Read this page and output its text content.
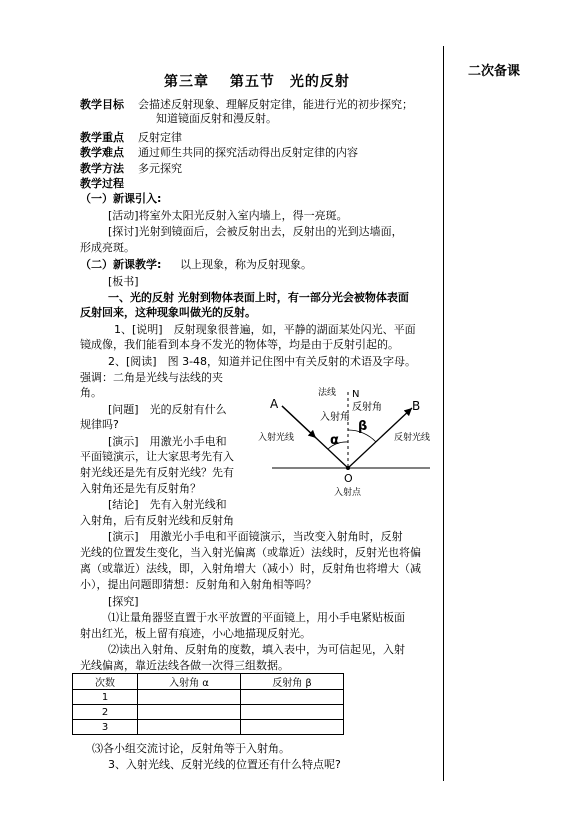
二次备课
第三章　 第五节　光的反射
教学目标 会描述反射现象、理解反射定律，能进行光的初步探究；
知道镜面反射和漫反射。
教学重点 反射定律
教学难点 通过师生共同的探究活动得出反射定律的内容
教学方法 多元探究
教学过程
（一）新课引入:
[活动]将室外太阳光反射入室内墙上，得一亮斑。
[探讨]光射到镜面后，会被反射出去，反射出的光到达墙面，
形成亮斑。
（二）新课教学: 以上现象，称为反射现象。
[板书]
一、光的反射 光射到物体表面上时，有一部分光会被物体表面
反射回来，这种现象叫做光的反射。
1、[说明]　反射现象很普遍，如，平静的湖面某处闪光、平面
镜成像，我们能看到本身不发光的物体等，均是由于反射引起的。
2、[阅读]　图 3-48，知道并记住图中有关反射的术语及字母。
强调：二角是光线与法线的夹
角。
[问题]　光的反射有什么
规律吗?
[演示]　用激光小手电和
平面镜演示，让大家思考先有入
射光线还是先有反射光线？先有
入射角还是先有反射角？
[结论]　先有入射光线和
入射角，后有反射光线和反射角
[演示]　用激光小手电和平面镜演示，当改变入射角时，反射
光线的位置发生变化，当入射光偏离（或靠近）法线时，反射光也将偏
离（或靠近）法线，即，入射角增大（减小）时，反射角也将增大（减
小），提出问题即猜想：反射角和入射角相等吗？
[探究]
⑴让量角器竖直置于水平放置的平面镜上，用小手电紧贴板面
射出红光，板上留有痕迹，小心地描现反射光。
⑵读出入射角、反射角的度数，填入表中，为可信起见，入射
光线偏离，靠近法线各做一次得三组数据。
次数	入射角 α	反射角 β
1		
2		
3		
⑶各小组交流讨论，反射角等于入射角。
3、入射光线、反射光线的位置还有什么特点呢?
法线 N
A	B
入射角
反射角
α
β
入射光线	反射光线
O
入射点
